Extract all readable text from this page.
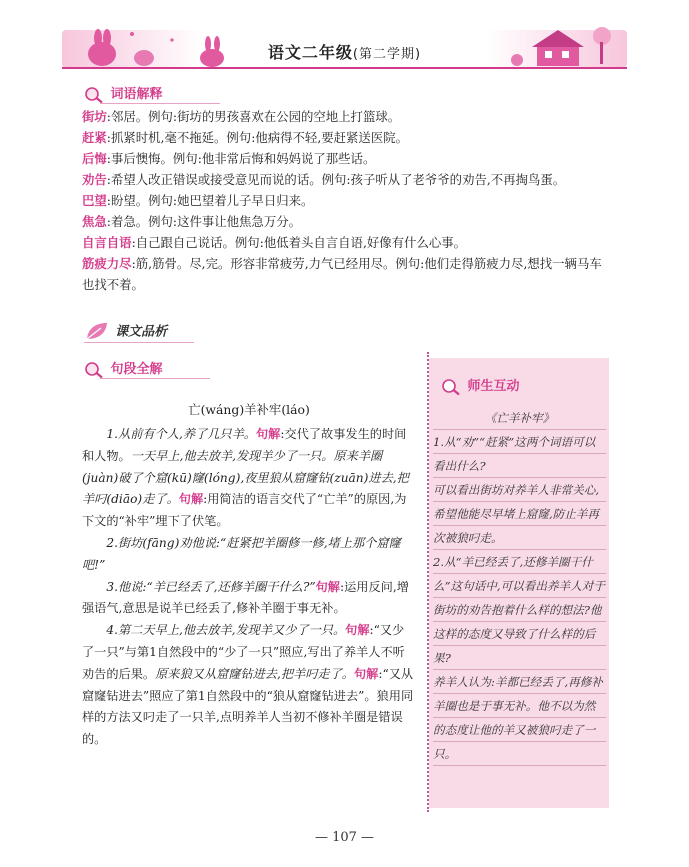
语文二年级(第二学期)
词语解释

街坊:邻居。例句:街坊的男孩喜欢在公园的空地上打篮球。

赶紧:抓紧时机,毫不拖延。例句:他病得不轻,要赶紧送医院。

后悔:事后懊悔。例句:他非常后悔和妈妈说了那些话。

劝告:希望人改正错误或接受意见而说的话。例句:孩子听从了老爷爷的劝告,不再掏鸟蛋。

巴望:盼望。例句:她巴望着儿子早日归来。

焦急:着急。例句:这件事让他焦急万分。

自言自语:自己跟自己说话。例句:他低着头自言自语,好像有什么心事。

筋疲力尽:筋,筋骨。尽,完。形容非常疲劳,力气已经用尽。例句:他们走得筋疲力尽,想找一辆马车也找不着。

课文品析
句段全解
亡(wáng)羊补牢(láo)

1.从前有个人,养了几只羊。句解:交代了故事发生的时间和人物。一天早上,他去放羊,发现羊少了一只。原来羊圈(juàn)破了个窟(kū)窿(lóng),夜里狼从窟窿钻(zuān)进去,把羊叼(diāo)走了。句解:用简洁的语言交代了“亡羊”的原因,为下文的“补牢”埋下了伏笔。

2.街坊(fāng)劝他说:“赶紧把羊圈修一修,堵上那个窟窿吧!”

3.他说:“羊已经丢了,还修羊圈干什么?”句解:运用反问,增强语气,意思是说羊已经丢了,修补羊圈于事无补。

4.第二天早上,他去放羊,发现羊又少了一只。句解:“又少了一只”与第1自然段中的“少了一只”照应,写出了养羊人不听劝告的后果。原来狼又从窟窿钻进去,把羊叼走了。句解:“又从窟窿钻进去”照应了第1自然段中的“狼从窟窿钻进去”。狼用同样的方法又叼走了一只羊,点明养羊人当初不修补羊圈是错误的。

师生互动

《亡羊补牢》

1.从“劝”“赶紧”这两个词语可以看出什么?

可以看出街坊对养羊人非常关心,希望他能尽早堵上窟窿,防止羊再次被狼叼走。

2.从“羊已经丢了,还修羊圈干什么”这句话中,可以看出养羊人对于街坊的劝告抱着什么样的想法?他这样的态度又导致了什么样的后果?

养羊人认为:羊都已经丢了,再修补羊圈也是于事无补。他不以为然的态度让他的羊又被狼叼走了一只。

— 107 —
